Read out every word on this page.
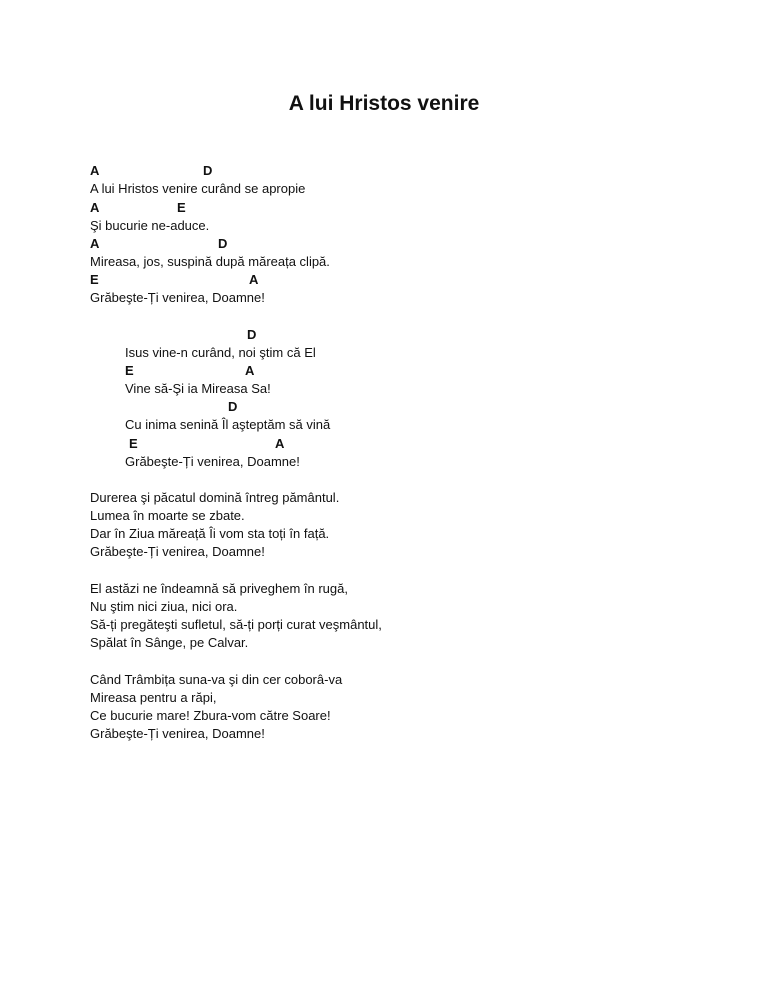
A lui Hristos venire
A	D
A lui Hristos venire curând se apropie
A	E
Şi bucurie ne-aduce.
A	D
Mireasa, jos, suspină după măreața clipă.
E	A
Grăbeşte-Ți venirea, Doamne!
D
Isus vine-n curând, noi ştim că El
E	A
Vine să-Şi ia Mireasa Sa!
D
Cu inima senină Îl aşteptăm să vină
E	A
Grăbeşte-Ți venirea, Doamne!
Durerea şi păcatul domină întreg pământul.
Lumea în moarte se zbate.
Dar în Ziua măreață Îi vom sta toți în față.
Grăbeşte-Ți venirea, Doamne!
El astăzi ne îndeamnă să priveghem în rugă,
Nu ştim nici ziua, nici ora.
Să-ți pregăteşti sufletul, să-ți porți curat veşmântul,
Spălat în Sânge, pe Calvar.
Când Trâmbița suna-va şi din cer coborâ-va
Mireasa pentru a răpi,
Ce bucurie mare! Zbura-vom către Soare!
Grăbeşte-Ți venirea, Doamne!
